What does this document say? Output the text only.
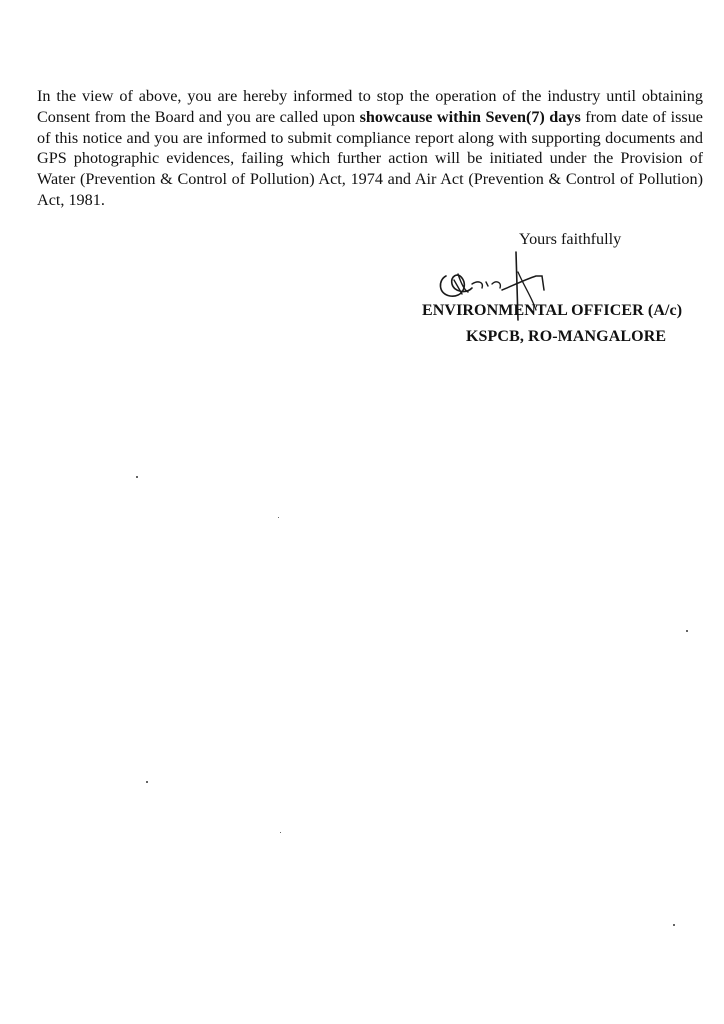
In the view of above, you are hereby informed to stop the operation of the industry until obtaining Consent from the Board and you are called upon showcause within Seven(7) days from date of issue of this notice and you are informed to submit compliance report along with supporting documents and GPS photographic evidences, failing which further action will be initiated under the Provision of Water (Prevention & Control of Pollution) Act, 1974 and Air Act (Prevention & Control of Pollution) Act, 1981.

Yours faithfully

ENVIRONMENTAL OFFICER (A/c)

KSPCB, RO-MANGALORE
